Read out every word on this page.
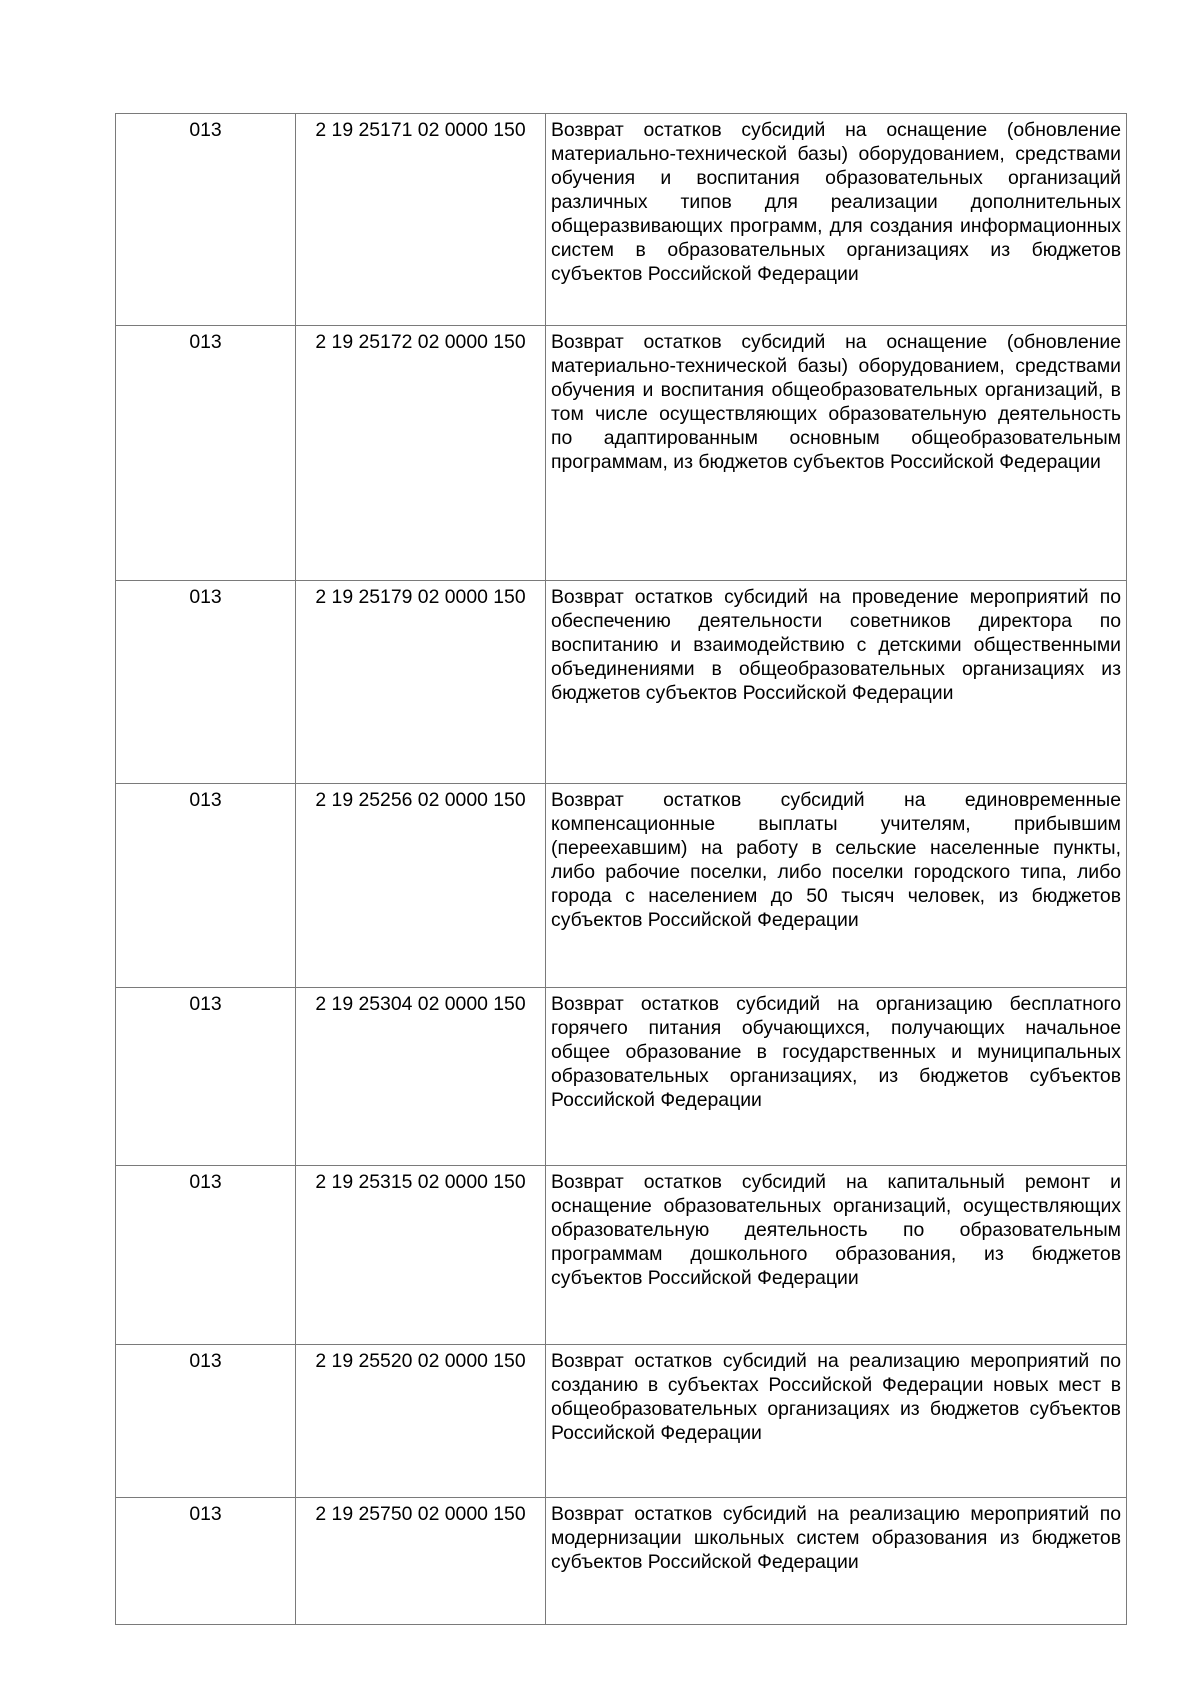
013	2 19 25171 02 0000 150	Возврат остатков субсидий на оснащение (обновление материально-технической базы) оборудованием, средствами обучения и воспитания образовательных организаций различных типов для реализации дополнительных общеразвивающих программ, для создания информационных систем в образовательных организациях из бюджетов субъектов Российской Федерации
013	2 19 25172 02 0000 150	Возврат остатков субсидий на оснащение (обновление материально-технической базы) оборудованием, средствами обучения и воспитания общеобразовательных организаций, в том числе осуществляющих образовательную деятельность по адаптированным основным общеобразовательным программам, из бюджетов субъектов Российской Федерации
013	2 19 25179 02 0000 150	Возврат остатков субсидий на проведение мероприятий по обеспечению деятельности советников директора по воспитанию и взаимодействию с детскими общественными объединениями в общеобразовательных организациях из бюджетов субъектов Российской Федерации
013	2 19 25256 02 0000 150	Возврат остатков субсидий на единовременные компенсационные выплаты учителям, прибывшим (переехавшим) на работу в сельские населенные пункты, либо рабочие поселки, либо поселки городского типа, либо города с населением до 50 тысяч человек, из бюджетов субъектов Российской Федерации
013	2 19 25304 02 0000 150	Возврат остатков субсидий на организацию бесплатного горячего питания обучающихся, получающих начальное общее образование в государственных и муниципальных образовательных организациях, из бюджетов субъектов Российской Федерации
013	2 19 25315 02 0000 150	Возврат остатков субсидий на капитальный ремонт и оснащение образовательных организаций, осуществляющих образовательную деятельность по образовательным программам дошкольного образования, из бюджетов субъектов Российской Федерации
013	2 19 25520 02 0000 150	Возврат остатков субсидий на реализацию мероприятий по созданию в субъектах Российской Федерации новых мест в общеобразовательных организациях из бюджетов субъектов Российской Федерации
013	2 19 25750 02 0000 150	Возврат остатков субсидий на реализацию мероприятий по модернизации школьных систем образования из бюджетов субъектов Российской Федерации
